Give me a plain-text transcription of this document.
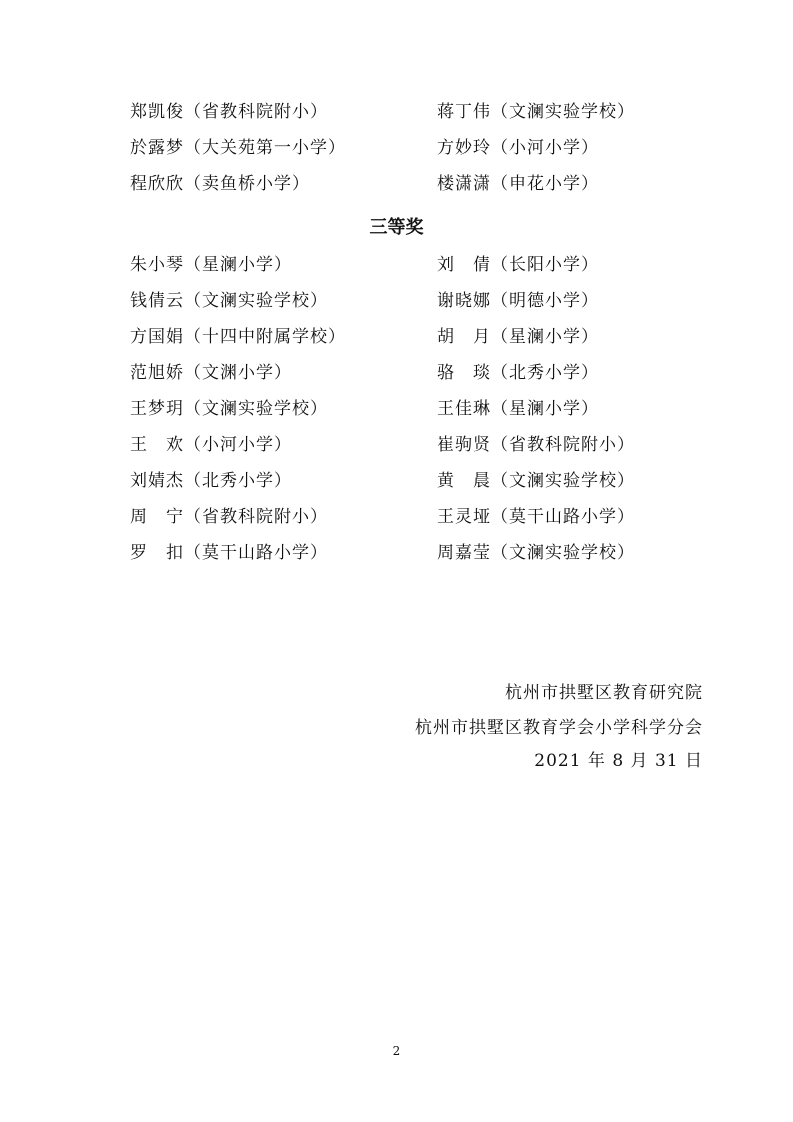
郑凯俊（省教科院附小）	蒋丁伟（文澜实验学校）
於露梦（大关苑第一小学）	方妙玲（小河小学）
程欣欣（卖鱼桥小学）	楼潇潇（申花小学）
三等奖
朱小琴（星澜小学）	刘　倩（长阳小学）
钱倩云（文澜实验学校）	谢晓娜（明德小学）
方国娟（十四中附属学校）	胡　月（星澜小学）
范旭娇（文渊小学）	骆　琰（北秀小学）
王梦玥（文澜实验学校）	王佳琳（星澜小学）
王　欢（小河小学）	崔驹贤（省教科院附小）
刘婧杰（北秀小学）	黄　晨（文澜实验学校）
周　宁（省教科院附小）	王灵垭（莫干山路小学）
罗　扣（莫干山路小学）	周嘉莹（文澜实验学校）
杭州市拱墅区教育研究院
杭州市拱墅区教育学会小学科学分会
2021 年 8 月 31 日
2
